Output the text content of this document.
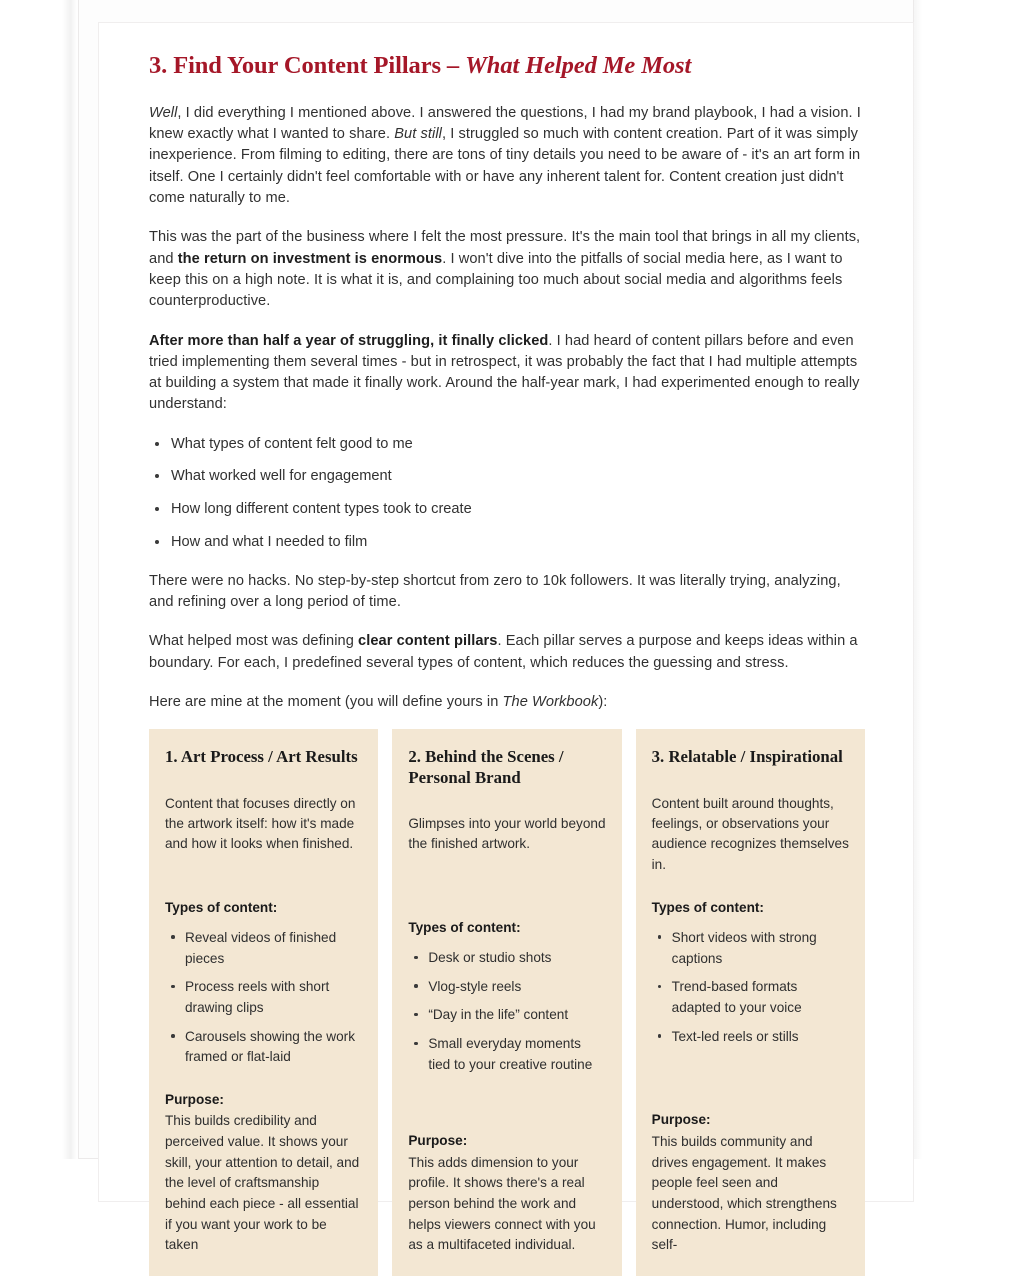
3. Find Your Content Pillars – What Helped Me Most

Well, I did everything I mentioned above. I answered the questions, I had my brand playbook, I had a vision. I knew exactly what I wanted to share. But still, I struggled so much with content creation. Part of it was simply inexperience. From filming to editing, there are tons of tiny details you need to be aware of - it's an art form in itself. One I certainly didn't feel comfortable with or have any inherent talent for. Content creation just didn't come naturally to me.

This was the part of the business where I felt the most pressure. It's the main tool that brings in all my clients, and the return on investment is enormous. I won't dive into the pitfalls of social media here, as I want to keep this on a high note. It is what it is, and complaining too much about social media and algorithms feels counterproductive.

After more than half a year of struggling, it finally clicked. I had heard of content pillars before and even tried implementing them several times - but in retrospect, it was probably the fact that I had multiple attempts at building a system that made it finally work. Around the half-year mark, I had experimented enough to really understand:

What types of content felt good to me
What worked well for engagement
How long different content types took to create
How and what I needed to film

There were no hacks. No step-by-step shortcut from zero to 10k followers. It was literally trying, analyzing, and refining over a long period of time.

What helped most was defining clear content pillars. Each pillar serves a purpose and keeps ideas within a boundary. For each, I predefined several types of content, which reduces the guessing and stress.

Here are mine at the moment (you will define yours in The Workbook):

1. Art Process / Art Results

Content that focuses directly on the artwork itself: how it's made and how it looks when finished.

Types of content:

Reveal videos of finished pieces
Process reels with short drawing clips
Carousels showing the work framed or flat-laid

Purpose:

This builds credibility and perceived value. It shows your skill, your attention to detail, and the level of craftsmanship behind each piece - all essential if you want your work to be taken

2. Behind the Scenes / Personal Brand

Glimpses into your world beyond the finished artwork.

Types of content:

Desk or studio shots
Vlog-style reels
“Day in the life” content
Small everyday moments tied to your creative routine

Purpose:

This adds dimension to your profile. It shows there's a real person behind the work and helps viewers connect with you as a multifaceted individual.

3. Relatable / Inspirational

Content built around thoughts, feelings, or observations your audience recognizes themselves in.

Types of content:

Short videos with strong captions
Trend-based formats adapted to your voice
Text-led reels or stills

Purpose:

This builds community and drives engagement. It makes people feel seen and understood, which strengthens connection. Humor, including self-
